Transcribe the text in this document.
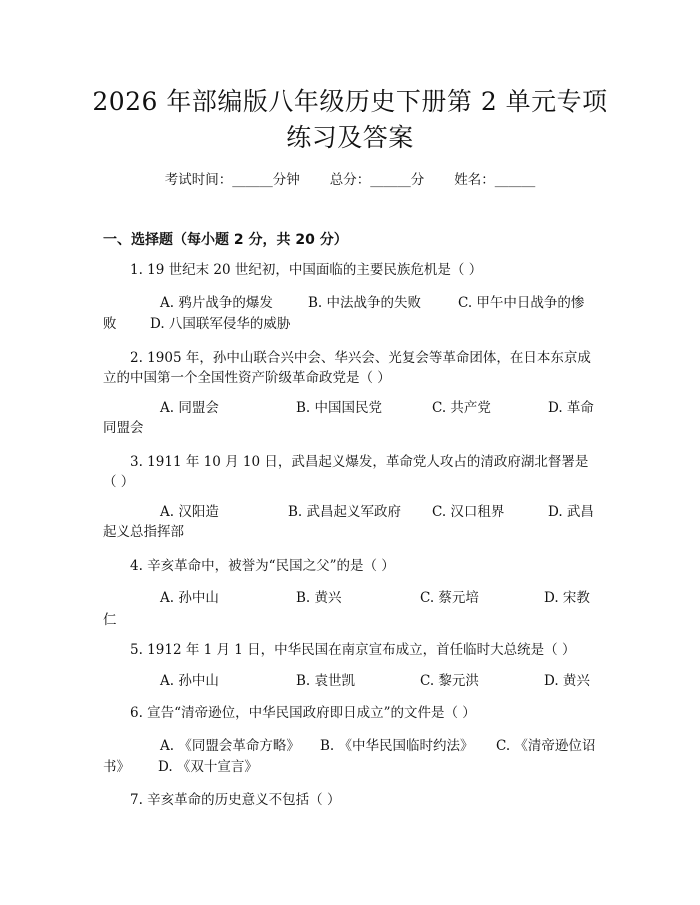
2026 年部编版八年级历史下册第 2 单元专项
练习及答案
考试时间：______分钟 总分：______分 姓名：______
一、选择题（每小题 2 分，共 20 分）
1. 19 世纪末 20 世纪初，中国面临的主要民族危机是（ ）
A. 鸦片战争的爆发	B. 中法战争的失败	C. 甲午中日战争的惨
败 D. 八国联军侵华的威胁
2. 1905 年，孙中山联合兴中会、华兴会、光复会等革命团体，在日本东京成
立的中国第一个全国性资产阶级革命政党是（ ）
A. 同盟会	B. 中国国民党	C. 共产党	D. 革命
同盟会
3. 1911 年 10 月 10 日，武昌起义爆发，革命党人攻占的清政府湖北督署是
（ ）
A. 汉阳造	B. 武昌起义军政府 C. 汉口租界	D. 武昌
起义总指挥部
4. 辛亥革命中，被誉为“民国之父”的是（ ）
A. 孙中山	B. 黄兴	C. 蔡元培	D. 宋教
仁
5. 1912 年 1 月 1 日，中华民国在南京宣布成立，首任临时大总统是（ ）
A. 孙中山	B. 袁世凯	C. 黎元洪	D. 黄兴
6. 宣告“清帝逊位，中华民国政府即日成立”的文件是（ ）
A. 《同盟会革命方略》 B. 《中华民国临时约法》 C. 《清帝逊位诏
书》 D. 《双十宣言》
7. 辛亥革命的历史意义不包括（ ）
